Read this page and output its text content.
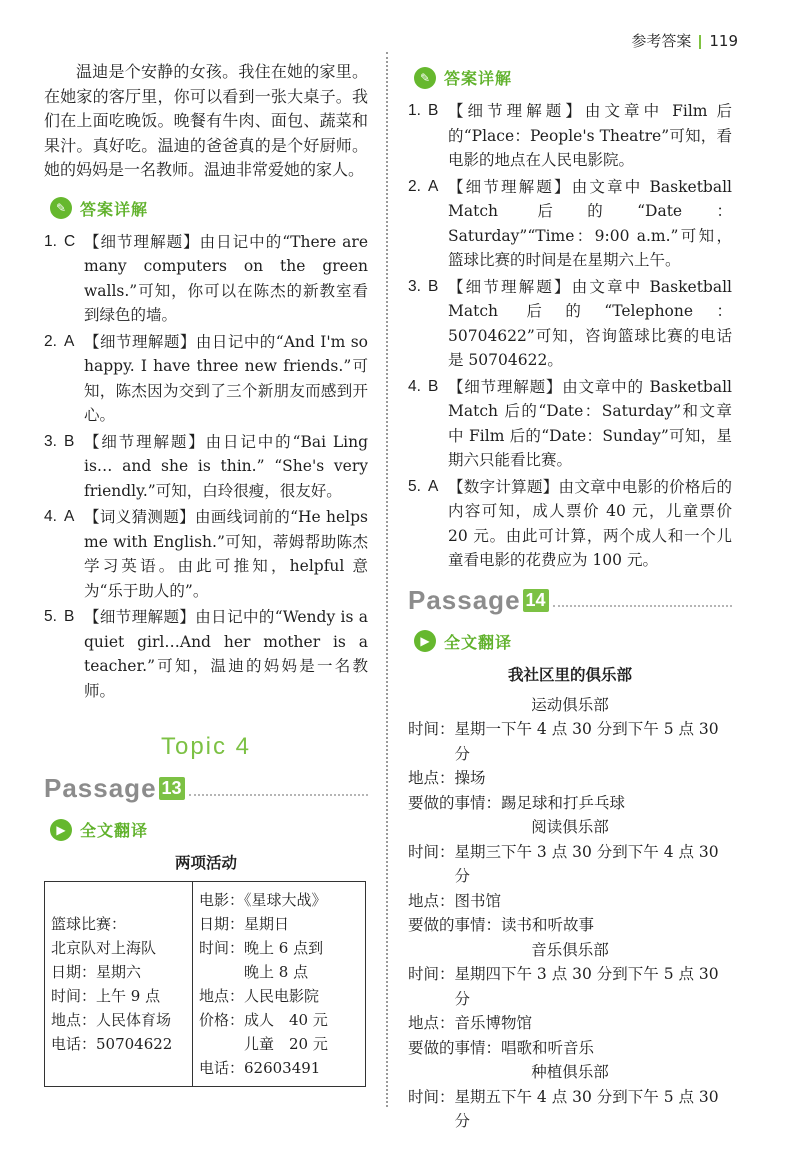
参考答案 119

温迪是个安静的女孩。我住在她的家里。在她家的客厅里，你可以看到一张大桌子。我们在上面吃晚饭。晚餐有牛肉、面包、蔬菜和果汁。真好吃。温迪的爸爸真的是个好厨师。她的妈妈是一名教师。温迪非常爱她的家人。

✎ 答案详解
1. C 【细节理解题】由日记中的“There are many computers on the green walls.”可知，你可以在陈杰的新教室看到绿色的墙。
2. A 【细节理解题】由日记中的“And I'm so happy. I have three new friends.”可知，陈杰因为交到了三个新朋友而感到开心。
3. B 【细节理解题】由日记中的“Bai Ling is… and she is thin.” “She's very friendly.”可知，白玲很瘦，很友好。
4. A 【词义猜测题】由画线词前的“He helps me with English.”可知，蒂姆帮助陈杰学习英语。由此可推知，helpful 意为“乐于助人的”。
5. B 【细节理解题】由日记中的“Wendy is a quiet girl…And her mother is a teacher.”可知，温迪的妈妈是一名教师。
Topic 4
Passage 13
▶ 全文翻译
两项活动
篮球比赛：
北京队对上海队
日期：星期六
时间：上午 9 点
地点：人民体育场
电话：50704622

电影：《星球大战》
日期：星期日
时间：晚上 6 点到
晚上 8 点
地点：人民电影院
价格：成人　40 元
儿童　20 元
电话：62603491
✎ 答案详解
1. B 【细节理解题】由文章中 Film 后的“Place：People's Theatre”可知，看电影的地点在人民电影院。
2. A 【细节理解题】由文章中 Basketball Match 后的“Date：Saturday”“Time：9:00 a.m.”可知，篮球比赛的时间是在星期六上午。
3. B 【细节理解题】由文章中 Basketball Match 后的“Telephone：50704622”可知，咨询篮球比赛的电话是 50704622。
4. B 【细节理解题】由文章中的 Basketball Match 后的“Date：Saturday”和文章中 Film 后的“Date：Sunday”可知，星期六只能看比赛。
5. A 【数字计算题】由文章中电影的价格后的内容可知，成人票价 40 元，儿童票价 20 元。由此可计算，两个成人和一个儿童看电影的花费应为 100 元。
Passage 14
▶ 全文翻译
我社区里的俱乐部
运动俱乐部
时间：星期一下午 4 点 30 分到下午 5 点 30 分
地点：操场
要做的事情：踢足球和打乒乓球
阅读俱乐部
时间：星期三下午 3 点 30 分到下午 4 点 30 分
地点：图书馆
要做的事情：读书和听故事
音乐俱乐部
时间：星期四下午 3 点 30 分到下午 5 点 30 分
地点：音乐博物馆
要做的事情：唱歌和听音乐
种植俱乐部
时间：星期五下午 4 点 30 分到下午 5 点 30 分
